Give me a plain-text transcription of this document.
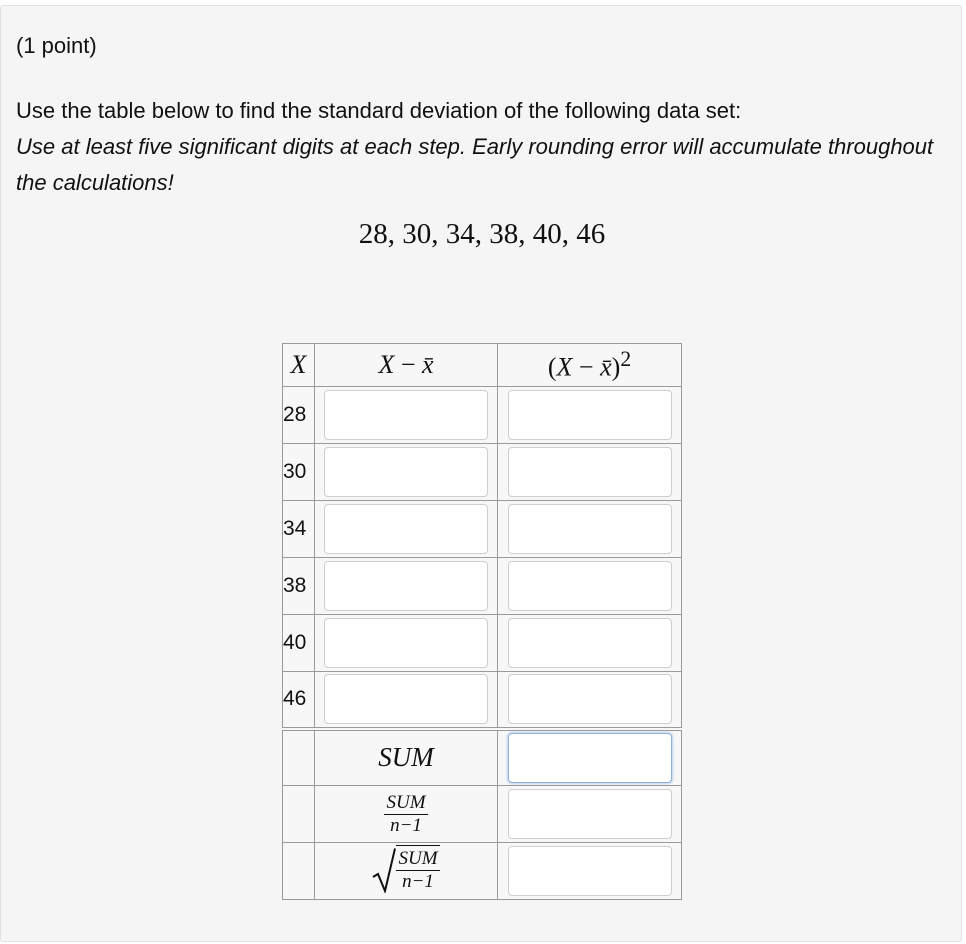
(1 point)
Use the table below to find the standard deviation of the following data set:
Use at least five significant digits at each step. Early rounding error will accumulate throughout the calculations!
28, 30, 34, 38, 40, 46
X	X − x̄	(X − x̄)$^2$
28	

30	

34	

38	

40	

46	

	SUM	

	$\frac{\text{SUM}}{n-1}$

	$\frac{\text{SUM}}{n-1}$
